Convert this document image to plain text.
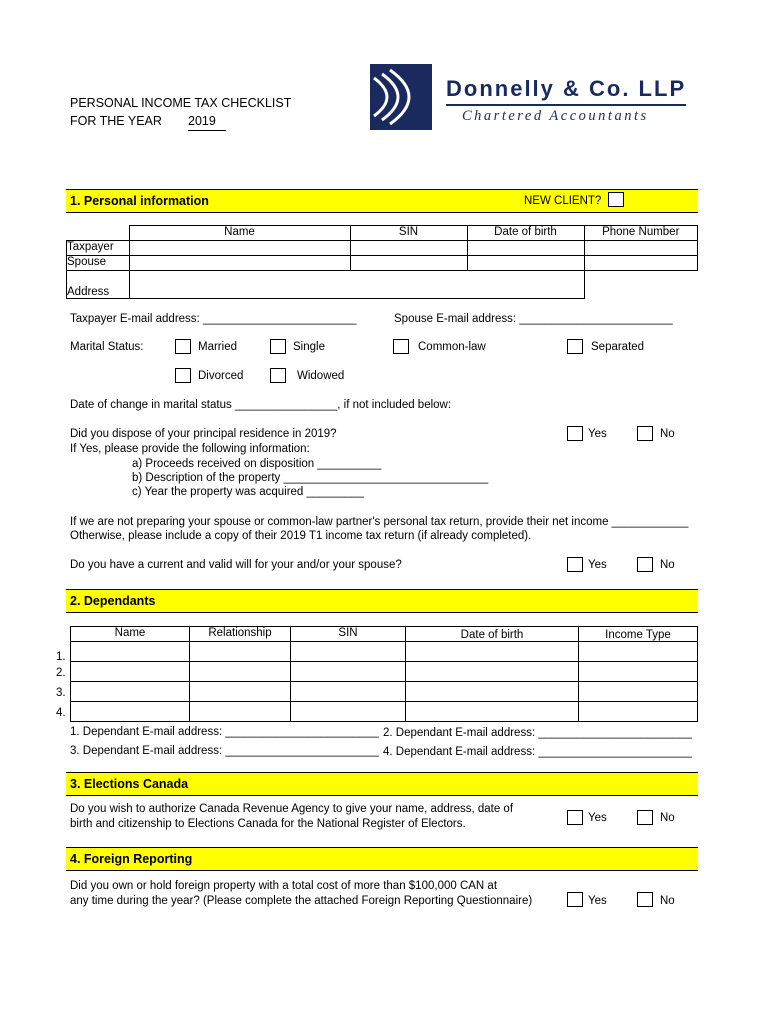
PERSONAL INCOME TAX CHECKLIST
FOR THE YEAR 2019
Donnelly & Co. LLP
Chartered Accountants
1. Personal information	NEW CLIENT?
	Name	SIN	Date of birth	Phone Number
Taxpayer				
Spouse				
Address				
Taxpayer E-mail address: ________________________	Spouse E-mail address: ________________________
Marital Status:	Married	Single	Common-law	Separated
Divorced	Widowed
Date of change in marital status ________________, if not included below:
Did you dispose of your principal residence in 2019?	Yes	No
If Yes, please provide the following information:
a) Proceeds received on disposition __________
b) Description of the property ________________________________
c) Year the property was acquired _________
If we are not preparing your spouse or common-law partner's personal tax return, provide their net income ____________
Otherwise, please include a copy of their 2019 T1 income tax return (if already completed).
Do you have a current and valid will for your and/or your spouse?	Yes	No
2. Dependants
Name	Relationship	SIN	Date of birth	Income Type

1.
2.
3.
4.
1. Dependant E-mail address: ________________________ 2. Dependant E-mail address: ________________________
3. Dependant E-mail address: ________________________ 4. Dependant E-mail address: ________________________
3. Elections Canada
Do you wish to authorize Canada Revenue Agency to give your name, address, date of
birth and citizenship to Elections Canada for the National Register of Electors.	Yes	No
4. Foreign Reporting
Did you own or hold foreign property with a total cost of more than $100,000 CAN at
any time during the year? (Please complete the attached Foreign Reporting Questionnaire)	Yes	No
